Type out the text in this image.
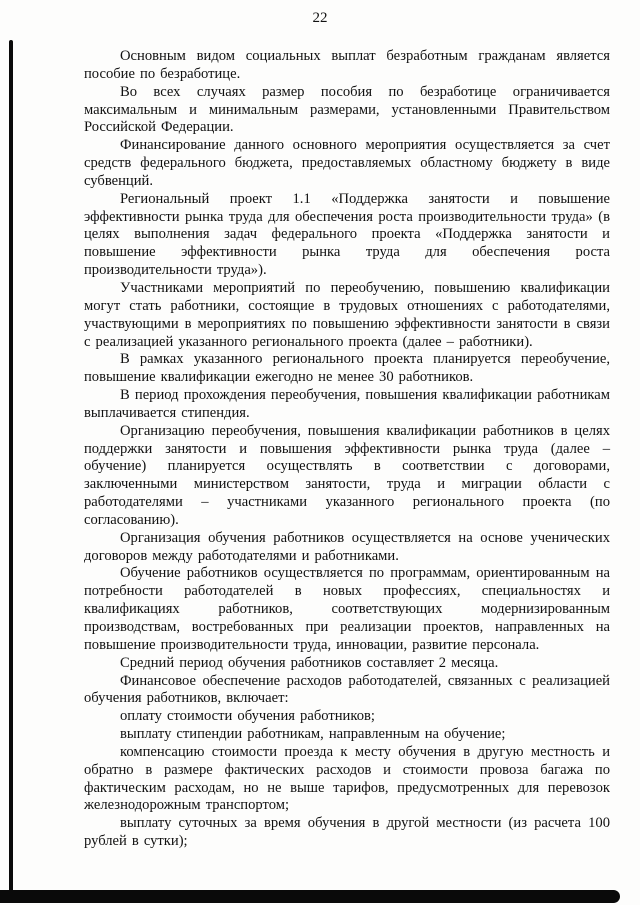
22

Основным видом социальных выплат безработным гражданам является пособие по безработице.

Во всех случаях размер пособия по безработице ограничивается максимальным и минимальным размерами, установленными Правительством Российской Федерации.

Финансирование данного основного мероприятия осуществляется за счет средств федерального бюджета, предоставляемых областному бюджету в виде субвенций.

Региональный проект 1.1 «Поддержка занятости и повышение эффективности рынка труда для обеспечения роста производительности труда» (в целях выполнения задач федерального проекта «Поддержка занятости и повышение эффективности рынка труда для обеспечения роста производительности труда»).

Участниками мероприятий по переобучению, повышению квалификации могут стать работники, состоящие в трудовых отношениях с работодателями, участвующими в мероприятиях по повышению эффективности занятости в связи с реализацией указанного регионального проекта (далее – работники).

В рамках указанного регионального проекта планируется переобучение, повышение квалификации ежегодно не менее 30 работников.

В период прохождения переобучения, повышения квалификации работникам выплачивается стипендия.

Организацию переобучения, повышения квалификации работников в целях поддержки занятости и повышения эффективности рынка труда (далее – обучение) планируется осуществлять в соответствии с договорами, заключенными министерством занятости, труда и миграции области с работодателями – участниками указанного регионального проекта (по согласованию).

Организация обучения работников осуществляется на основе ученических договоров между работодателями и работниками.

Обучение работников осуществляется по программам, ориентированным на потребности работодателей в новых профессиях, специальностях и квалификациях работников, соответствующих модернизированным производствам, востребованных при реализации проектов, направленных на повышение производительности труда, инновации, развитие персонала.

Средний период обучения работников составляет 2 месяца.

Финансовое обеспечение расходов работодателей, связанных с реализацией обучения работников, включает:

оплату стоимости обучения работников;

выплату стипендии работникам, направленным на обучение;

компенсацию стоимости проезда к месту обучения в другую местность и обратно в размере фактических расходов и стоимости провоза багажа по фактическим расходам, но не выше тарифов, предусмотренных для перевозок железнодорожным транспортом;

выплату суточных за время обучения в другой местности (из расчета 100 рублей в сутки);
